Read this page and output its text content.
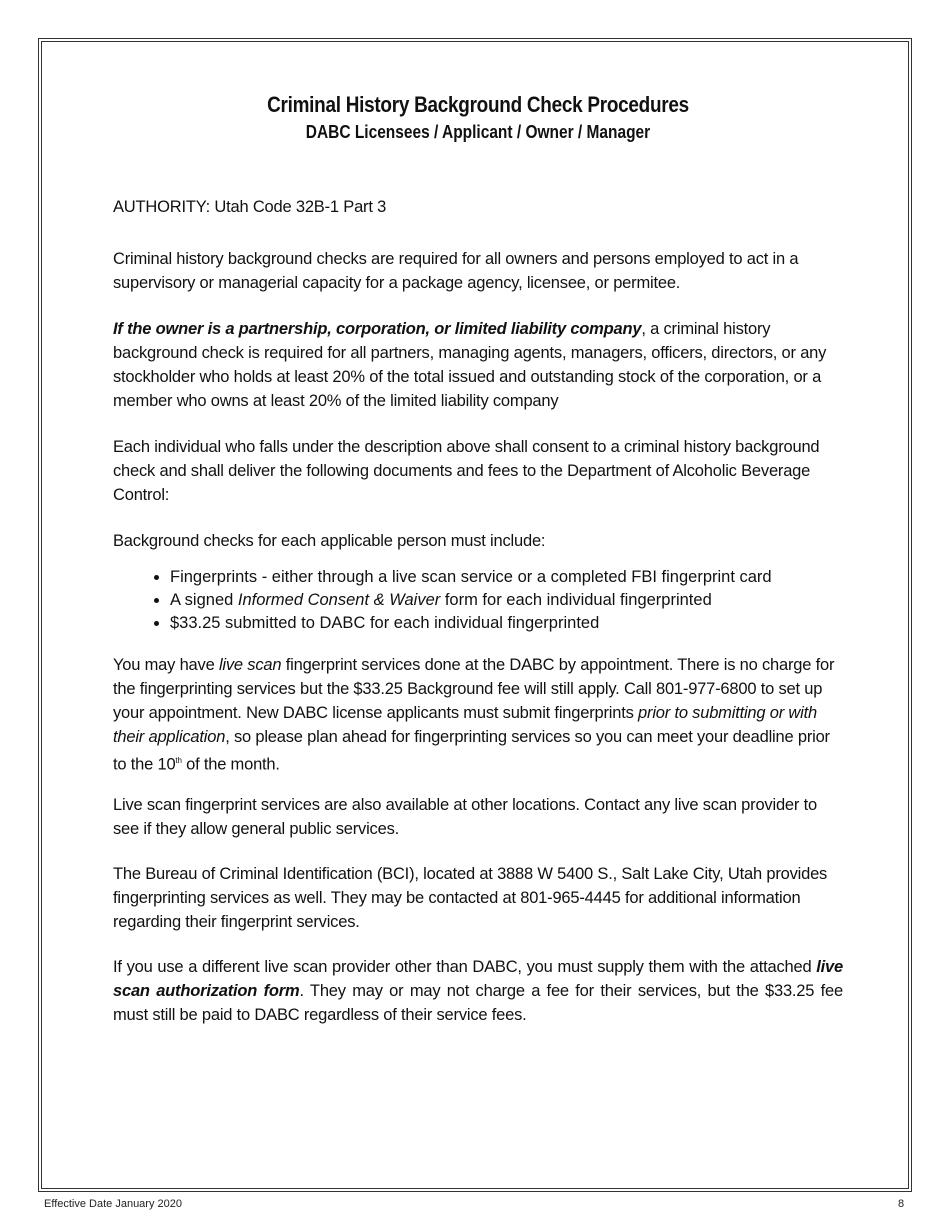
Criminal History Background Check Procedures

DABC Licensees / Applicant / Owner / Manager

AUTHORITY: Utah Code 32B-1 Part 3

Criminal history background checks are required for all owners and persons employed to act in a supervisory or managerial capacity for a package agency, licensee, or permitee.

If the owner is a partnership, corporation, or limited liability company, a criminal history background check is required for all partners, managing agents, managers, officers, directors, or any stockholder who holds at least 20% of the total issued and outstanding stock of the corporation, or a member who owns at least 20% of the limited liability company

Each individual who falls under the description above shall consent to a criminal history background check and shall deliver the following documents and fees to the Department of Alcoholic Beverage Control:

Background checks for each applicable person must include:

• Fingerprints - either through a live scan service or a completed FBI fingerprint card
• A signed Informed Consent & Waiver form for each individual fingerprinted
• $33.25 submitted to DABC for each individual fingerprinted

You may have live scan fingerprint services done at the DABC by appointment. There is no charge for the fingerprinting services but the $33.25 Background fee will still apply. Call 801-977-6800 to set up your appointment. New DABC license applicants must submit fingerprints prior to submitting or with their application, so please plan ahead for fingerprinting services so you can meet your deadline prior to the 10th of the month.

Live scan fingerprint services are also available at other locations. Contact any live scan provider to see if they allow general public services.

The Bureau of Criminal Identification (BCI), located at 3888 W 5400 S., Salt Lake City, Utah provides fingerprinting services as well. They may be contacted at 801-965-4445 for additional information regarding their fingerprint services.

If you use a different live scan provider other than DABC, you must supply them with the attached live scan authorization form. They may or may not charge a fee for their services, but the $33.25 fee must still be paid to DABC regardless of their service fees.

Effective Date January 2020	8
